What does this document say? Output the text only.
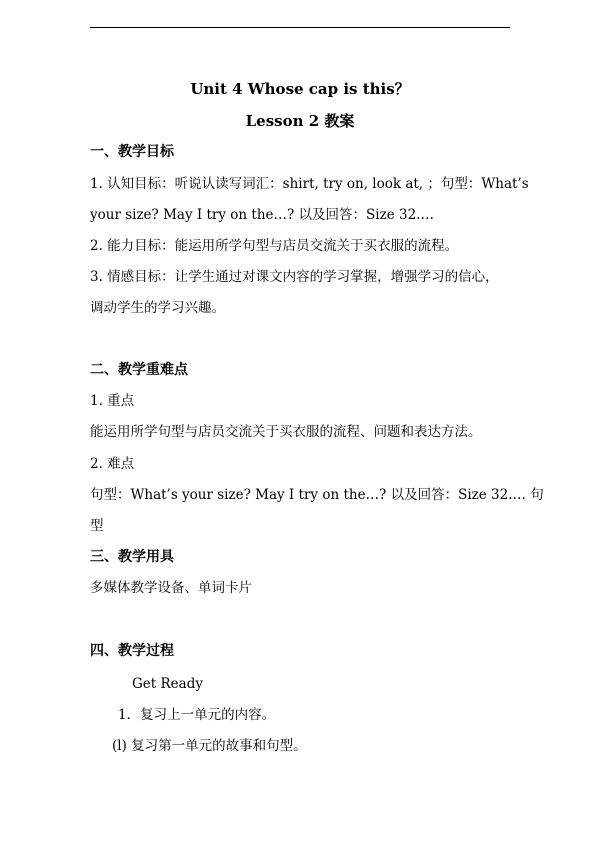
Unit 4 Whose cap is this？
Lesson 2 教案
一、教学目标
1. 认知目标：听说认读写词汇：shirt, try on, look at, ；句型：What’s
your size? May I try on the…? 以及回答：Size 32.…
2. 能力目标：能运用所学句型与店员交流关于买衣服的流程。
3. 情感目标：让学生通过对课文内容的学习掌握，增强学习的信心，
调动学生的学习兴趣。
二、教学重难点
1. 重点
能运用所学句型与店员交流关于买衣服的流程、问题和表达方法。
2. 难点
句型：What’s your size? May I try on the…? 以及回答：Size 32.… 句
型
三、教学用具
多媒体教学设备、单词卡片
四、教学过程
Get Ready
1．复习上一单元的内容。
(l) 复习第一单元的故事和句型。
